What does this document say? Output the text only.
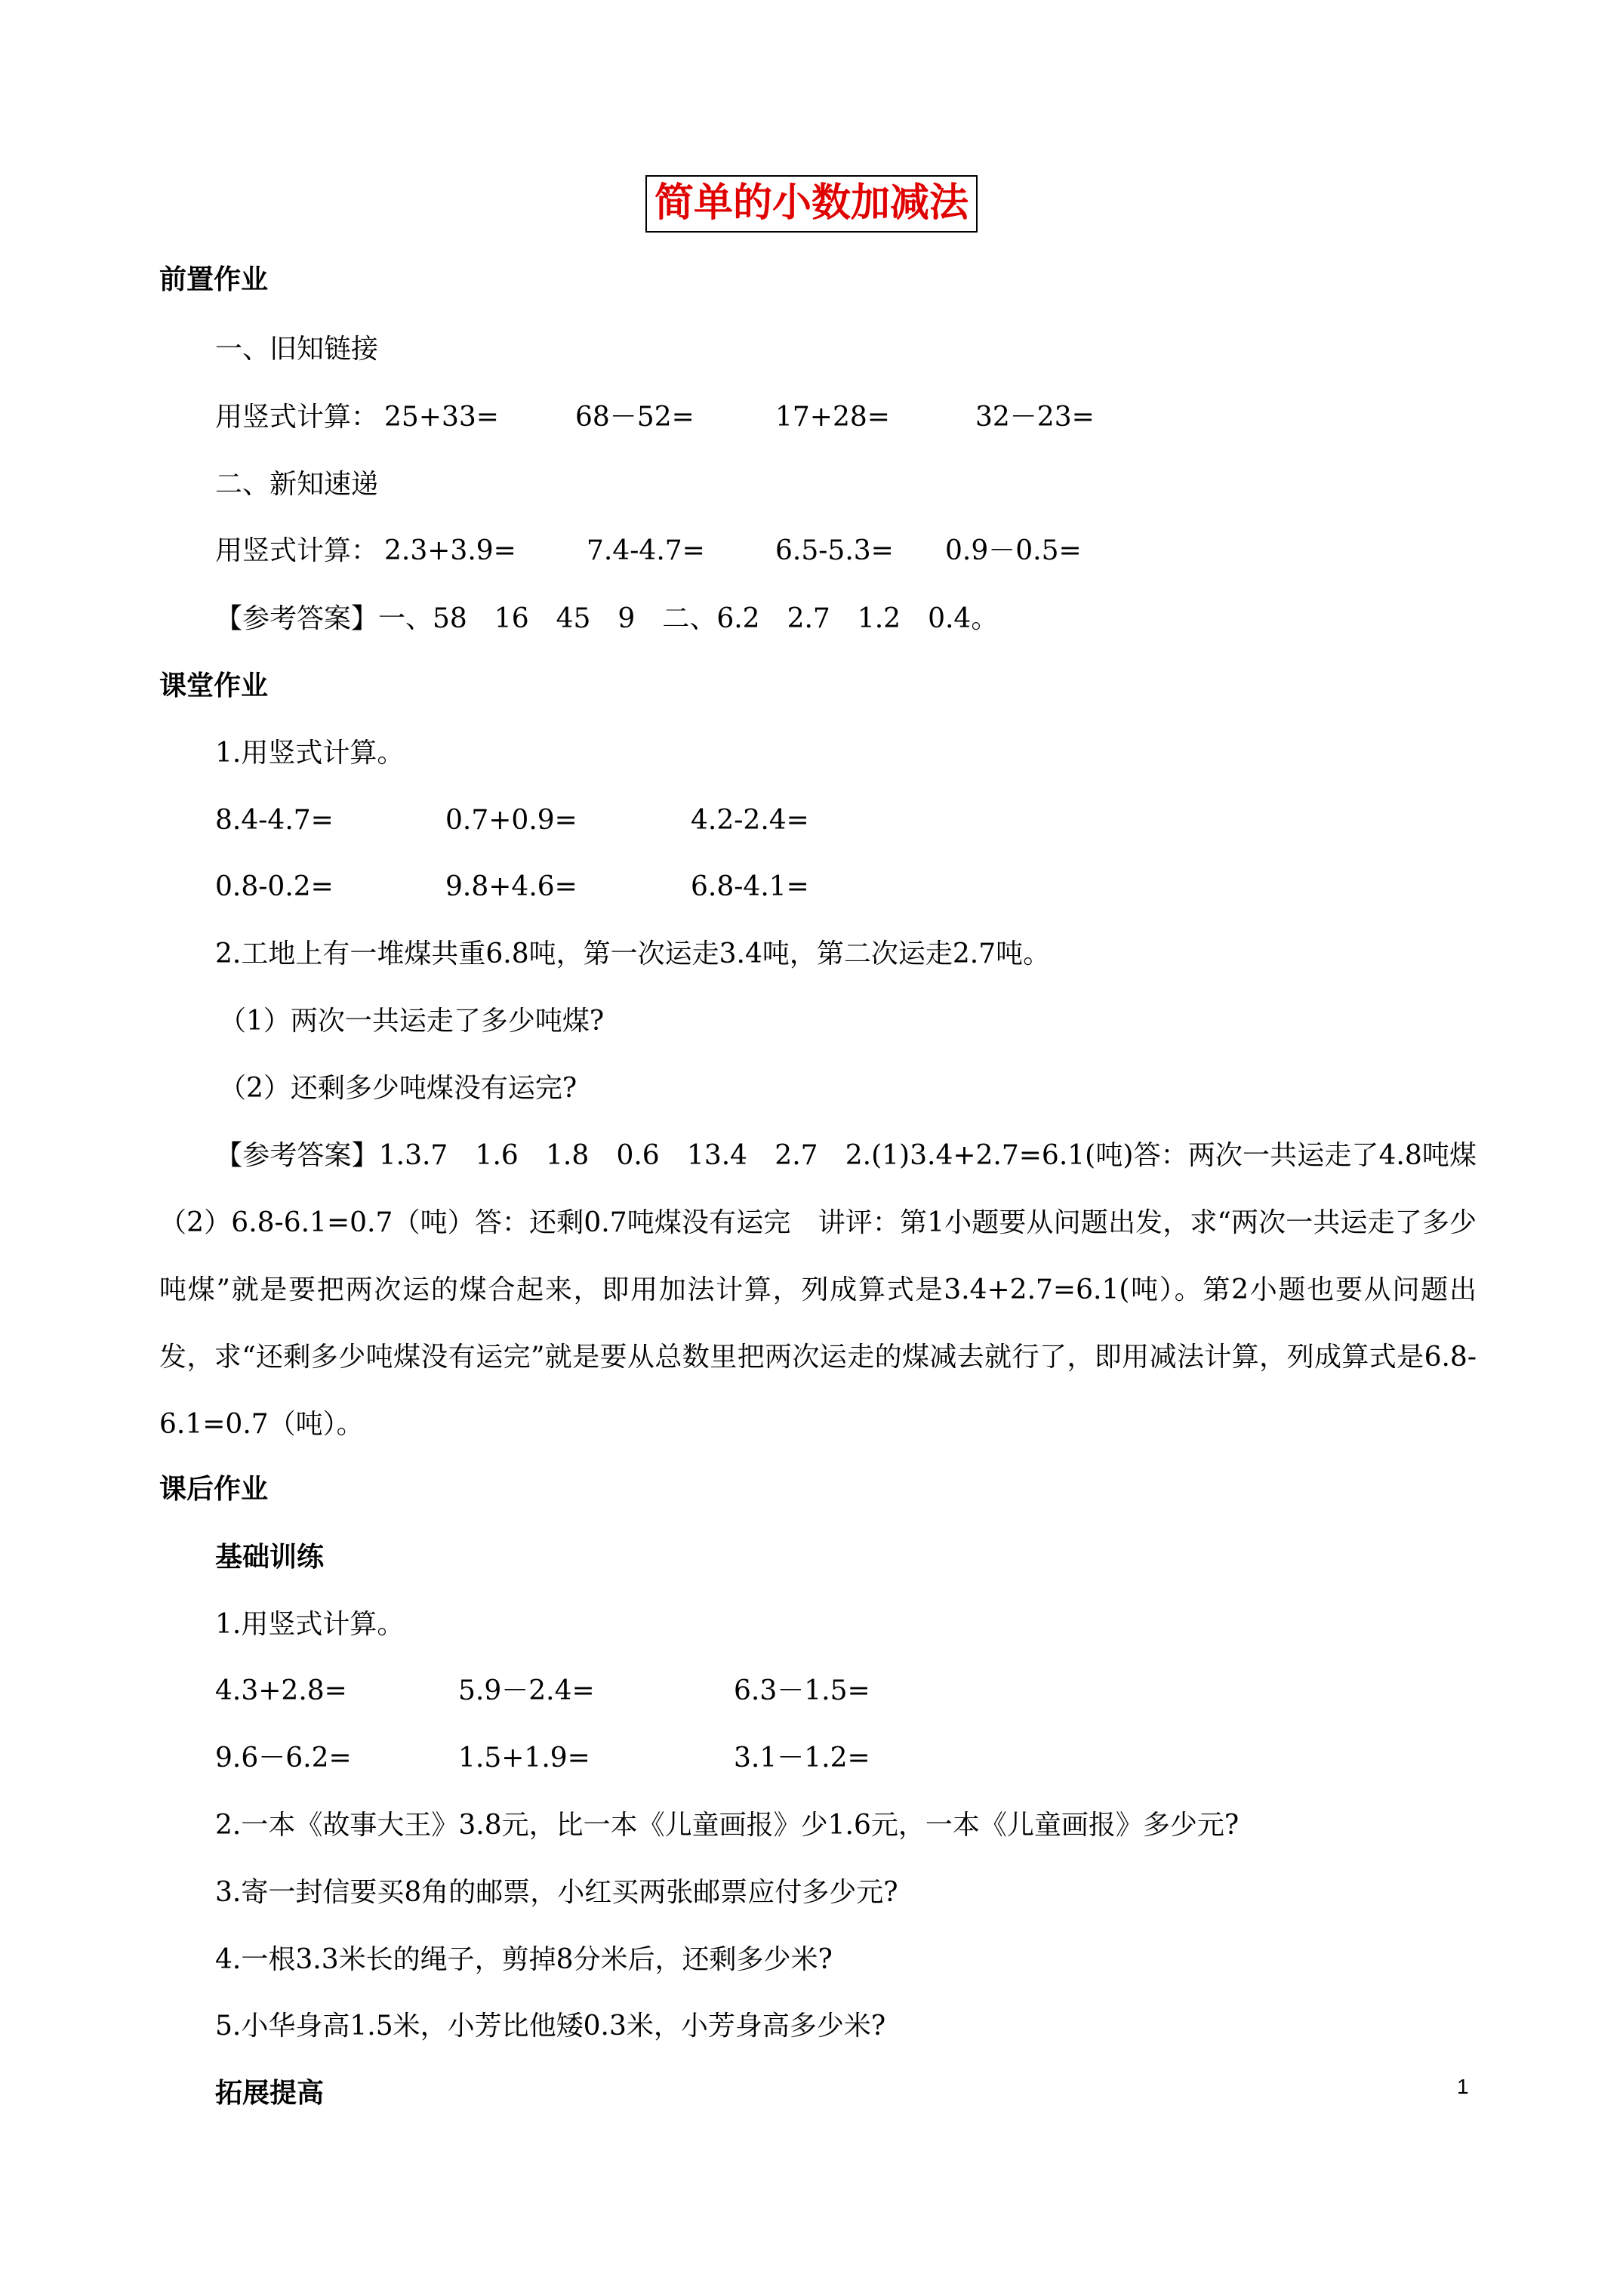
简单的小数加减法
前置作业
一、旧知链接
用竖式计算： 25+33=	68－52=	17+28=	32－23=
二、新知速递
用竖式计算： 2.3+3.9=	7.4-4.7=	6.5-5.3= 0.9－0.5=
【参考答案】一、58　16　45　9　二、6.2　2.7　1.2　0.4。
课堂作业
1.用竖式计算。
8.4-4.7=	0.7+0.9=	4.2-2.4=
0.8-0.2=	9.8+4.6=	6.8-4.1=
2.工地上有一堆煤共重6.8吨，第一次运走3.4吨，第二次运走2.7吨。
（1）两次一共运走了多少吨煤?
（2）还剩多少吨煤没有运完?
【参考答案】1.3.7　1.6　1.8　0.6　13.4　2.7　2.(1)3.4+2.7=6.1(吨)答：两次一共运走了4.8吨煤　（2）6.8-6.1=0.7（吨）答：还剩0.7吨煤没有运完　讲评：第1小题要从问题出发，求“两次一共运走了多少吨煤”就是要把两次运的煤合起来，即用加法计算，列成算式是3.4+2.7=6.1(吨）。第2小题也要从问题出发，求“还剩多少吨煤没有运完”就是要从总数里把两次运走的煤减去就行了，即用减法计算，列成算式是6.8-6.1=0.7（吨）。
课后作业
基础训练
1.用竖式计算。
4.3+2.8=	5.9－2.4=	6.3－1.5=
9.6－6.2=	1.5+1.9=	3.1－1.2=
2.一本《故事大王》3.8元，比一本《儿童画报》少1.6元，一本《儿童画报》多少元?
3.寄一封信要买8角的邮票，小红买两张邮票应付多少元?
4.一根3.3米长的绳子，剪掉8分米后，还剩多少米?
5.小华身高1.5米，小芳比他矮0.3米，小芳身高多少米?
拓展提高	1
